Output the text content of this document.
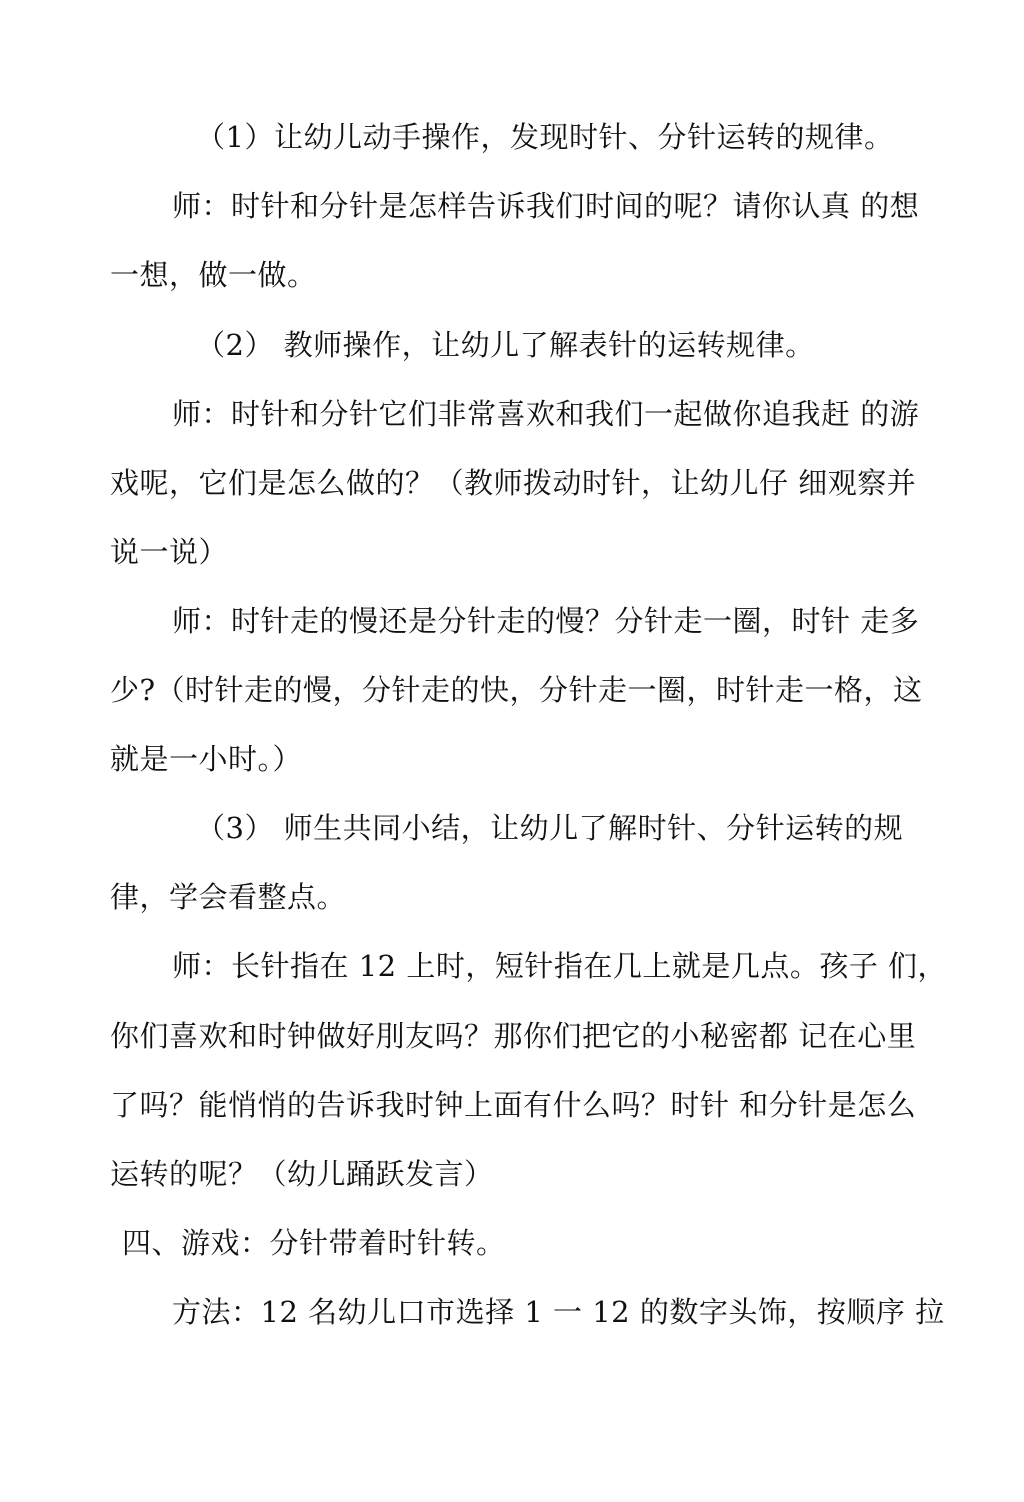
（1）让幼儿动手操作，发现时针、分针运转的规律。
师：时针和分针是怎样告诉我们时间的呢？请你认真 的想
一想，做一做。
（2） 教师操作，让幼儿了解表针的运转规律。
师：时针和分针它们非常喜欢和我们一起做你追我赶 的游
戏呢，它们是怎么做的？（教师拨动时针，让幼儿仔 细观察并
说一说）
师：时针走的慢还是分针走的慢？分针走一圈，时针 走多
少?（时针走的慢，分针走的快，分针走一圈，时针走一格，这
就是一小时。）
（3） 师生共同小结，让幼儿了解时针、分针运转的规
律，学会看整点。
师：长针指在 12 上时，短针指在几上就是几点。孩子 们，
你们喜欢和时钟做好刖友吗？那你们把它的小秘密都 记在心里
了吗？能悄悄的告诉我时钟上面有什么吗？时针 和分针是怎么
运转的呢？（幼儿踊跃发言）
四、游戏：分针带着时针转。
方法：12 名幼儿口市选择 1 一 12 的数字头饰，按顺序 拉
